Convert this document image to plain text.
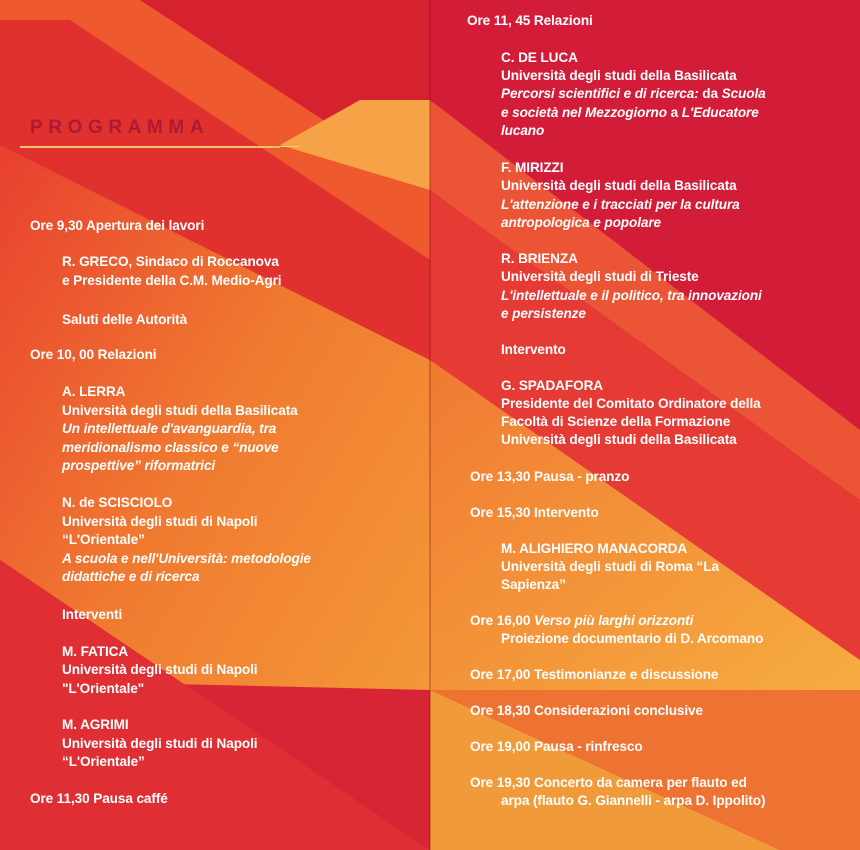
PROGRAMMA
Ore 9,30 Apertura dei lavori
R. GRECO, Sindaco di Roccanova
e Presidente della C.M. Medio-Agri
Saluti delle Autorità
Ore 10, 00 Relazioni
A. LERRA
Università degli studi della Basilicata
Un intellettuale d'avanguardia, tra
meridionalismo classico e “nuove
prospettive” riformatrici
N. de SCISCIOLO
Università degli studi di Napoli
“L'Orientale”
A scuola e nell'Università: metodologie
didattiche e di ricerca
Interventi
M. FATICA
Università degli studi di Napoli
"L'Orientale"
M. AGRIMI
Università degli studi di Napoli
“L'Orientale”
Ore 11,30 Pausa caffé
Ore 11, 45 Relazioni
C. DE LUCA
Università degli studi della Basilicata
Percorsi scientifici e di ricerca: da Scuola
e società nel Mezzogiorno a L'Educatore
lucano
F. MIRIZZI
Università degli studi della Basilicata
L'attenzione e i tracciati per la cultura
antropologica e popolare
R. BRIENZA
Università degli studi di Trieste
L'intellettuale e il politico, tra innovazioni
e persistenze
Intervento
G. SPADAFORA
Presidente del Comitato Ordinatore della
Facoltà di Scienze della Formazione
Università degli studi della Basilicata
Ore 13,30 Pausa - pranzo
Ore 15,30 Intervento
M. ALIGHIERO MANACORDA
Università degli studi di Roma “La
Sapienza”
Ore 16,00 Verso più larghi orizzonti
Proiezione documentario di D. Arcomano
Ore 17,00 Testimonianze e discussione
Ore 18,30 Considerazioni conclusive
Ore 19,00 Pausa - rinfresco
Ore 19,30 Concerto da camera per flauto ed
arpa (flauto G. Giannelli - arpa D. Ippolito)
